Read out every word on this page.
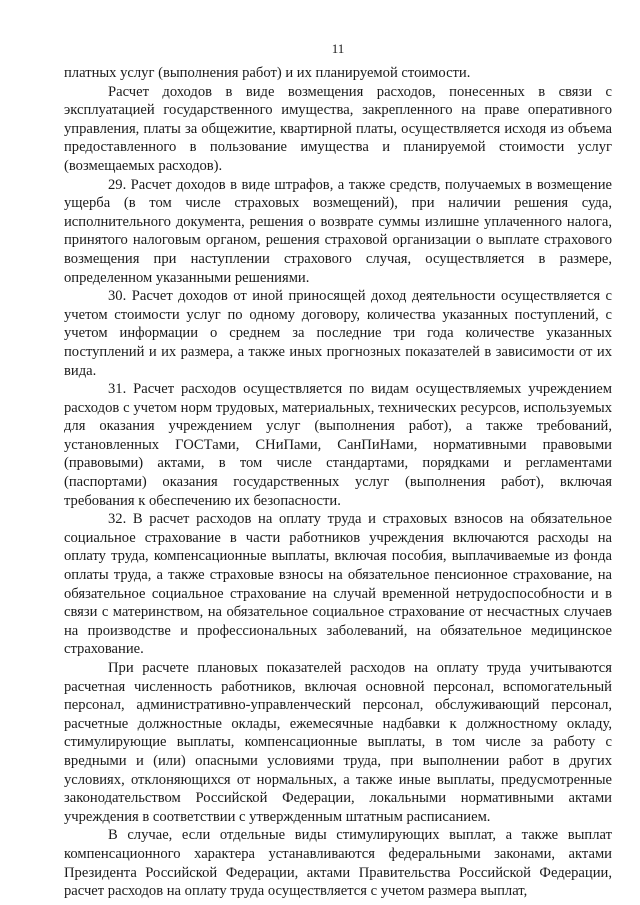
11

платных услуг (выполнения работ) и их планируемой стоимости.

Расчет доходов в виде возмещения расходов, понесенных в связи с эксплуатацией государственного имущества, закрепленного на праве оперативного управления, платы за общежитие, квартирной платы, осуществляется исходя из объема предоставленного в пользование имущества и планируемой стоимости услуг (возмещаемых расходов).

29. Расчет доходов в виде штрафов, а также средств, получаемых в возмещение ущерба (в том числе страховых возмещений), при наличии решения суда, исполнительного документа, решения о возврате суммы излишне уплаченного налога, принятого налоговым органом, решения страховой организации о выплате страхового возмещения при наступлении страхового случая, осуществляется в размере, определенном указанными решениями.

30. Расчет доходов от иной приносящей доход деятельности осуществляется с учетом стоимости услуг по одному договору, количества указанных поступлений, с учетом информации о среднем за последние три года количестве указанных поступлений и их размера, а также иных прогнозных показателей в зависимости от их вида.

31. Расчет расходов осуществляется по видам осуществляемых учреждением расходов с учетом норм трудовых, материальных, технических ресурсов, используемых для оказания учреждением услуг (выполнения работ), а также требований, установленных ГОСТами, СНиПами, СанПиНами, нормативными правовыми (правовыми) актами, в том числе стандартами, порядками и регламентами (паспортами) оказания государственных услуг (выполнения работ), включая требования к обеспечению их безопасности.

32. В расчет расходов на оплату труда и страховых взносов на обязательное социальное страхование в части работников учреждения включаются расходы на оплату труда, компенсационные выплаты, включая пособия, выплачиваемые из фонда оплаты труда, а также страховые взносы на обязательное пенсионное страхование, на обязательное социальное страхование на случай временной нетрудоспособности и в связи с материнством, на обязательное социальное страхование от несчастных случаев на производстве и профессиональных заболеваний, на обязательное медицинское страхование.

При расчете плановых показателей расходов на оплату труда учитываются расчетная численность работников, включая основной персонал, вспомогательный персонал, административно-управленческий персонал, обслуживающий персонал, расчетные должностные оклады, ежемесячные надбавки к должностному окладу, стимулирующие выплаты, компенсационные выплаты, в том числе за работу с вредными и (или) опасными условиями труда, при выполнении работ в других условиях, отклоняющихся от нормальных, а также иные выплаты, предусмотренные законодательством Российской Федерации, локальными нормативными актами учреждения в соответствии с утвержденным штатным расписанием.

В случае, если отдельные виды стимулирующих выплат, а также выплат компенсационного характера устанавливаются федеральными законами, актами Президента Российской Федерации, актами Правительства Российской Федерации, расчет расходов на оплату труда осуществляется с учетом размера выплат,
